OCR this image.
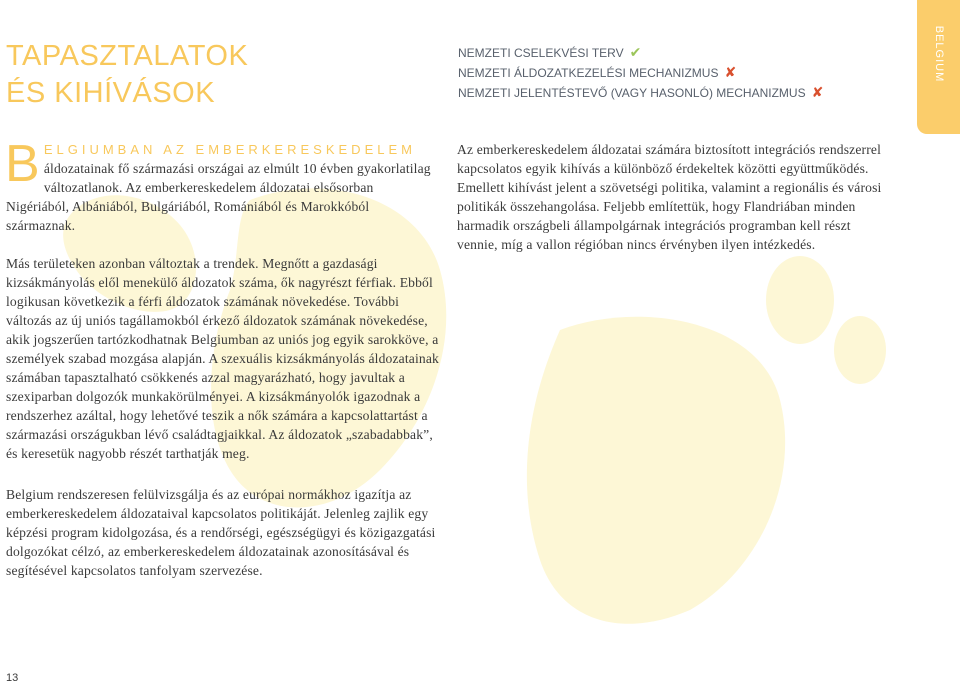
TAPASZTALATOK
ÉS KIHÍVÁSOK
NEMZETI CSELEKVÉSI TERV ✔
NEMZETI ÁLDOZATKEZELÉSI MECHANIZMUS ✘
NEMZETI JELENTÉSTEVŐ (VAGY HASONLÓ) MECHANIZMUS ✘
BELGIUM

BELGIUMBAN AZ EMBERKERESKEDELEM áldozatainak fő származási országai az elmúlt 10 évben gyakorlatilag változatlanok. Az emberkereskedelem áldozatai elsősorban Nigériából, Albániából, Bulgáriából, Romániából és Marokkóból származnak.

Más területeken azonban változtak a trendek. Megnőtt a gazdasági kizsákmányolás elől menekülő áldozatok száma, ők nagyrészt férfiak. Ebből logikusan következik a férfi áldozatok számának növekedése. További változás az új uniós tagállamokból érkező áldozatok számának növekedése, akik jogszerűen tartózkodhatnak Belgiumban az uniós jog egyik sarokköve, a személyek szabad mozgása alapján. A szexuális kizsákmányolás áldozatainak számában tapasztalható csökkenés azzal magyarázható, hogy javultak a szexiparban dolgozók munkakörülményei. A kizsákmányolók igazodnak a rendszerhez azáltal, hogy lehetővé teszik a nők számára a kapcsolattartást a származási országukban lévő családtagjaikkal. Az áldozatok „szabadabbak”, és keresetük nagyobb részét tarthatják meg.

Belgium rendszeresen felülvizsgálja és az európai normákhoz igazítja az emberkereskedelem áldozataival kapcsolatos politikáját. Jelenleg zajlik egy képzési program kidolgozása, és a rendőrségi, egészségügyi és közigazgatási dolgozókat célzó, az emberkereskedelem áldozatainak azonosításával és segítésével kapcsolatos tanfolyam szervezése.

Az emberkereskedelem áldozatai számára biztosított integrációs rendszerrel kapcsolatos egyik kihívás a különböző érdekeltek közötti együttműködés. Emellett kihívást jelent a szövetségi politika, valamint a regionális és városi politikák összehangolása. Feljebb említettük, hogy Flandriában minden harmadik országbeli állampolgárnak integrációs programban kell részt vennie, míg a vallon régióban nincs érvényben ilyen intézkedés.

13
